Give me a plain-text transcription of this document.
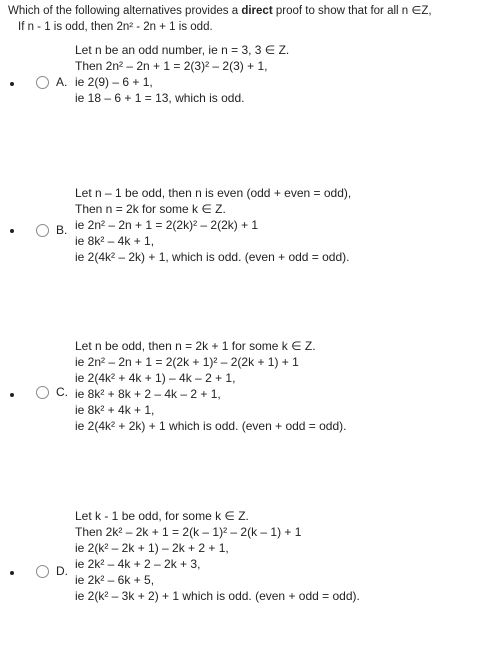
Which of the following alternatives provides a direct proof to show that for all n ∈Z,
If n - 1 is odd, then 2n² - 2n + 1 is odd.
A.
Let n be an odd number, ie n = 3, 3 ∈ Z.
Then 2n² – 2n + 1 = 2(3)² – 2(3) + 1,
ie 2(9) – 6 + 1,
ie 18 – 6 + 1 = 13, which is odd.
B.
Let n – 1 be odd, then n is even (odd + even = odd),
Then n = 2k for some k ∈ Z.
ie 2n² – 2n + 1 = 2(2k)² – 2(2k) + 1
ie 8k² – 4k + 1,
ie 2(4k² – 2k) + 1, which is odd. (even + odd = odd).
C.
Let n be odd, then n = 2k + 1 for some k ∈ Z.
ie 2n² – 2n + 1 = 2(2k + 1)² – 2(2k + 1) + 1
ie 2(4k² + 4k + 1) – 4k – 2 + 1,
ie 8k² + 8k + 2 – 4k – 2 + 1,
ie 8k² + 4k + 1,
ie 2(4k² + 2k) + 1 which is odd. (even + odd = odd).
D.
Let k - 1 be odd, for some k ∈ Z.
Then 2k² – 2k + 1 = 2(k – 1)² – 2(k – 1) + 1
ie 2(k² – 2k + 1) – 2k + 2 + 1,
ie 2k² – 4k + 2 – 2k + 3,
ie 2k² – 6k + 5,
ie 2(k² – 3k + 2) + 1 which is odd. (even + odd = odd).
